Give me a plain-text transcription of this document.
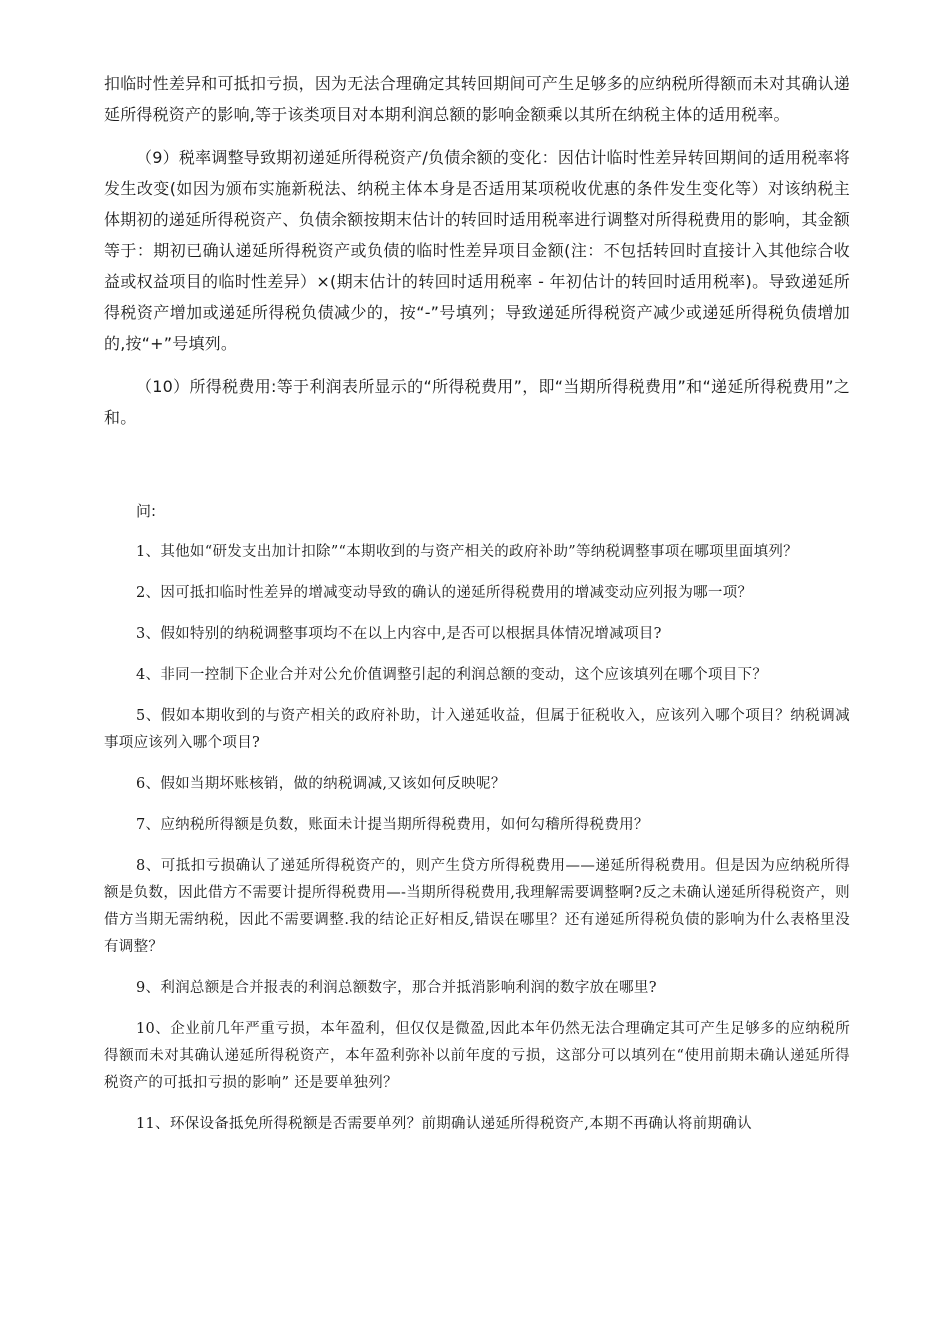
扣临时性差异和可抵扣亏损，因为无法合理确定其转回期间可产生足够多的应纳税所得额而未对其确认递延所得税资产的影响,等于该类项目对本期利润总额的影响金额乘以其所在纳税主体的适用税率。

（9）税率调整导致期初递延所得税资产/负债余额的变化：因估计临时性差异转回期间的适用税率将发生改变(如因为颁布实施新税法、纳税主体本身是否适用某项税收优惠的条件发生变化等）对该纳税主体期初的递延所得税资产、负债余额按期末估计的转回时适用税率进行调整对所得税费用的影响，其金额等于：期初已确认递延所得税资产或负债的临时性差异项目金额(注：不包括转回时直接计入其他综合收益或权益项目的临时性差异）×(期末估计的转回时适用税率 - 年初估计的转回时适用税率)。导致递延所得税资产增加或递延所得税负债减少的，按“-”号填列；导致递延所得税资产减少或递延所得税负债增加的,按“+”号填列。

（10）所得税费用:等于利润表所显示的“所得税费用”，即“当期所得税费用”和“递延所得税费用”之和。

问:

1、其他如“研发支出加计扣除”“本期收到的与资产相关的政府补助”等纳税调整事项在哪项里面填列？

2、因可抵扣临时性差异的增减变动导致的确认的递延所得税费用的增减变动应列报为哪一项？

3、假如特别的纳税调整事项均不在以上内容中,是否可以根据具体情况增减项目?

4、非同一控制下企业合并对公允价值调整引起的利润总额的变动，这个应该填列在哪个项目下？

5、假如本期收到的与资产相关的政府补助，计入递延收益，但属于征税收入，应该列入哪个项目？纳税调减事项应该列入哪个项目?

6、假如当期坏账核销，做的纳税调减,又该如何反映呢？

7、应纳税所得额是负数，账面未计提当期所得税费用，如何勾稽所得税费用？

8、可抵扣亏损确认了递延所得税资产的，则产生贷方所得税费用——递延所得税费用。但是因为应纳税所得额是负数，因此借方不需要计提所得税费用—-当期所得税费用,我理解需要调整啊?反之未确认递延所得税资产，则借方当期无需纳税，因此不需要调整.我的结论正好相反,错误在哪里？还有递延所得税负债的影响为什么表格里没有调整？

9、利润总额是合并报表的利润总额数字，那合并抵消影响利润的数字放在哪里?

10、企业前几年严重亏损，本年盈利，但仅仅是微盈,因此本年仍然无法合理确定其可产生足够多的应纳税所得额而未对其确认递延所得税资产，本年盈利弥补以前年度的亏损，这部分可以填列在“使用前期未确认递延所得税资产的可抵扣亏损的影响” 还是要单独列？

11、环保设备抵免所得税额是否需要单列？前期确认递延所得税资产,本期不再确认将前期确认
